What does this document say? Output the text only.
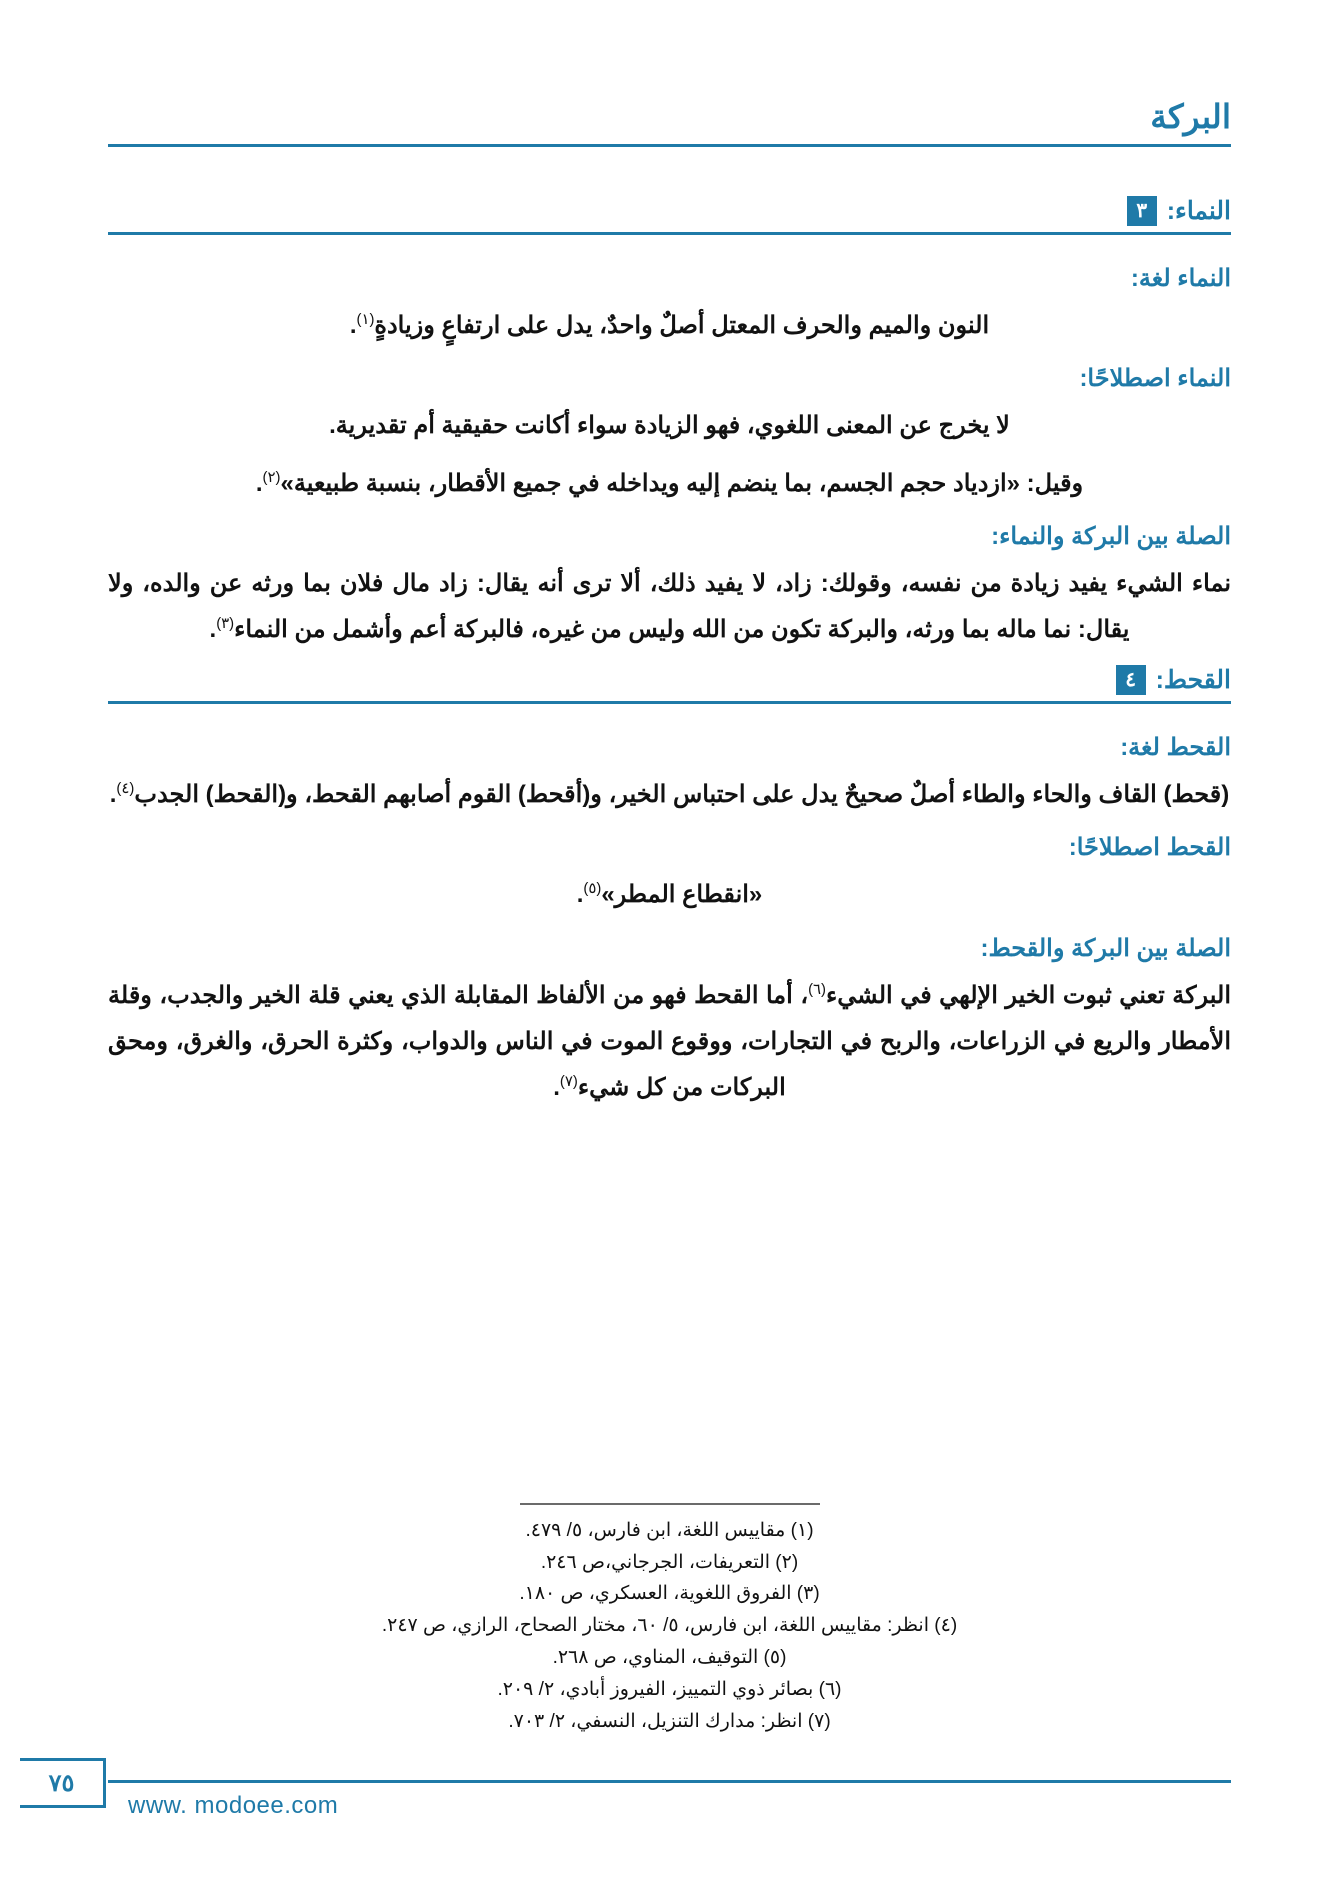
البركة
النماء:
٣
النماء لغة:

النون والميم والحرف المعتل أصلٌ واحدٌ، يدل على ارتفاعٍ وزيادةٍ$^{(١)}$.

النماء اصطلاحًا:

لا يخرج عن المعنى اللغوي، فهو الزيادة سواء أكانت حقيقية أم تقديرية.

وقيل: «ازدياد حجم الجسم، بما ينضم إليه ويداخله في جميع الأقطار، بنسبة طبيعية»$^{(٢)}$.

الصلة بين البركة والنماء:

نماء الشيء يفيد زيادة من نفسه، وقولك: زاد، لا يفيد ذلك، ألا ترى أنه يقال: زاد مال فلان بما ورثه عن والده، ولا يقال: نما ماله بما ورثه، والبركة تكون من الله وليس من غيره، فالبركة أعم وأشمل من النماء$^{(٣)}$.

القحط:
٤
القحط لغة:

(قحط) القاف والحاء والطاء أصلٌ صحيحٌ يدل على احتباس الخير، و(أقحط) القوم أصابهم القحط، و(القحط) الجدب$^{(٤)}$.

القحط اصطلاحًا:

«انقطاع المطر»$^{(٥)}$.

الصلة بين البركة والقحط:

البركة تعني ثبوت الخير الإلهي في الشيء$^{(٦)}$، أما القحط فهو من الألفاظ المقابلة الذي يعني قلة الخير والجدب، وقلة الأمطار والريع في الزراعات، والربح في التجارات، ووقوع الموت في الناس والدواب، وكثرة الحرق، والغرق، ومحق البركات من كل شيء$^{(٧)}$.

(١) مقاييس اللغة، ابن فارس، ٥/ ٤٧٩.
(٢) التعريفات، الجرجاني،ص ٢٤٦.
(٣) الفروق اللغوية، العسكري، ص ١٨٠.
(٤) انظر: مقاييس اللغة، ابن فارس، ٥/ ٦٠، مختار الصحاح، الرازي، ص ٢٤٧.
(٥) التوقيف، المناوي، ص ٢٦٨.
(٦) بصائر ذوي التمييز، الفيروز أبادي، ٢/ ٢٠٩.
(٧) انظر: مدارك التنزيل، النسفي، ٢/ ٧٠٣.
٧٥
www. modoee.com
